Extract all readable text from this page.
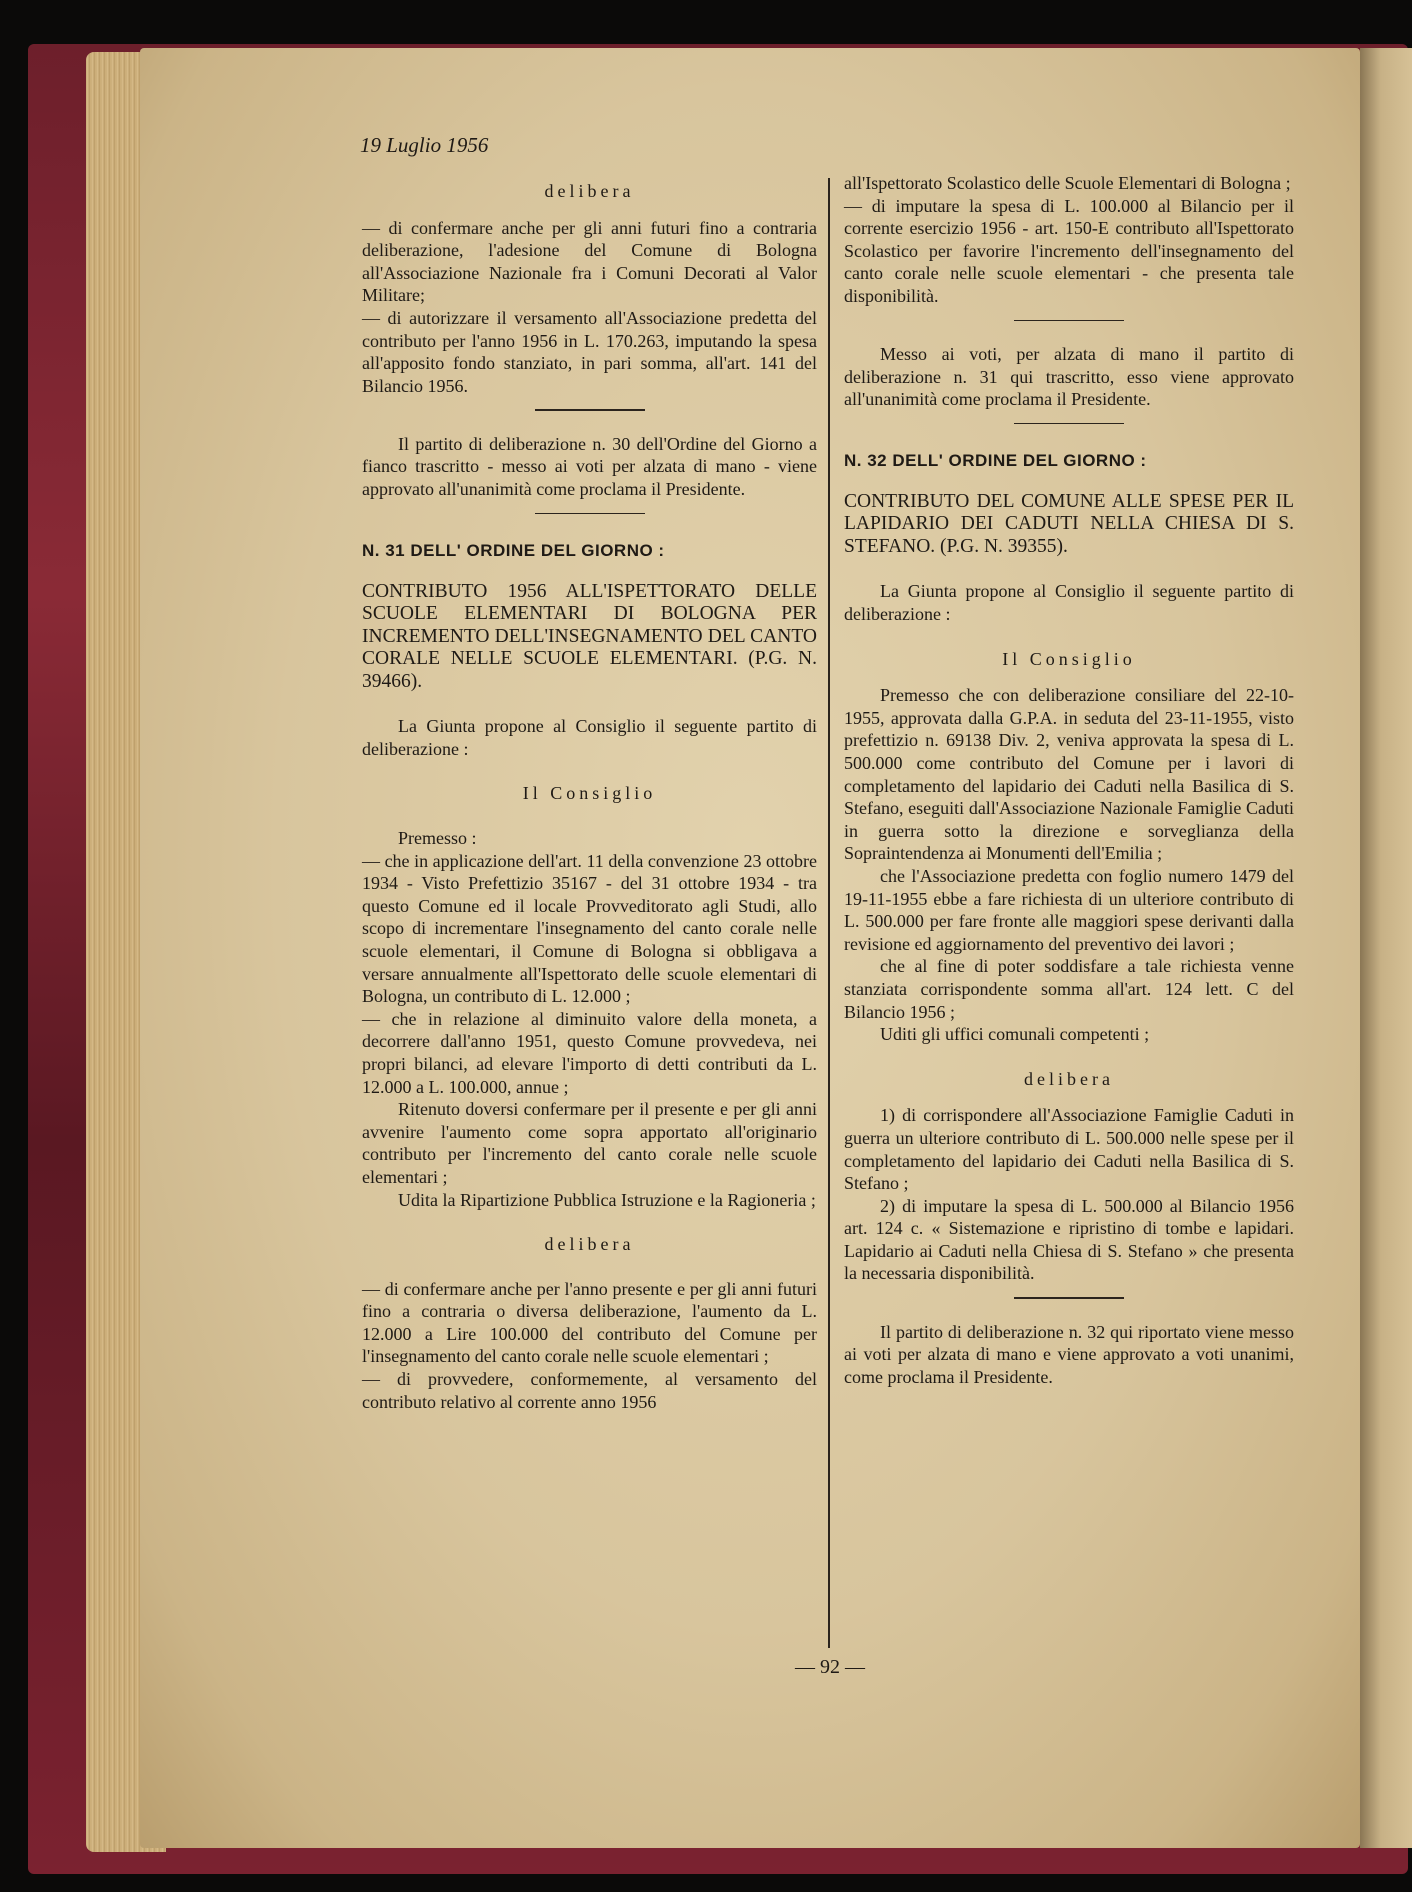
19 Luglio 1956

delibera

— di confermare anche per gli anni futuri fino a contraria deliberazione, l'adesione del Comune di Bologna all'Associazione Nazionale fra i Comuni Decorati al Valor Militare;

— di autorizzare il versamento all'Associazione predetta del contributo per l'anno 1956 in L. 170.263, imputando la spesa all'apposito fondo stanziato, in pari somma, all'art. 141 del Bilancio 1956.

Il partito di deliberazione n. 30 dell'Ordine del Giorno a fianco trascritto - messo ai voti per alzata di mano - viene approvato all'unanimità come proclama il Presidente.

N. 31 DELL' ORDINE DEL GIORNO :

CONTRIBUTO 1956 ALL'ISPETTORATO DELLE SCUOLE ELEMENTARI DI BOLOGNA PER INCREMENTO DELL'INSEGNAMENTO DEL CANTO CORALE NELLE SCUOLE ELEMENTARI. (P.G. N. 39466).

La Giunta propone al Consiglio il seguente partito di deliberazione :

Il Consiglio

Premesso :

— che in applicazione dell'art. 11 della convenzione 23 ottobre 1934 - Visto Prefettizio 35167 - del 31 ottobre 1934 - tra questo Comune ed il locale Provveditorato agli Studi, allo scopo di incrementare l'insegnamento del canto corale nelle scuole elementari, il Comune di Bologna si obbligava a versare annualmente all'Ispettorato delle scuole elementari di Bologna, un contributo di L. 12.000 ;

— che in relazione al diminuito valore della moneta, a decorrere dall'anno 1951, questo Comune provvedeva, nei propri bilanci, ad elevare l'importo di detti contributi da L. 12.000 a L. 100.000, annue ;

Ritenuto doversi confermare per il presente e per gli anni avvenire l'aumento come sopra apportato all'originario contributo per l'incremento del canto corale nelle scuole elementari ;

Udita la Ripartizione Pubblica Istruzione e la Ragioneria ;

delibera

— di confermare anche per l'anno presente e per gli anni futuri fino a contraria o diversa deliberazione, l'aumento da L. 12.000 a Lire 100.000 del contributo del Comune per l'insegnamento del canto corale nelle scuole elementari ;

— di provvedere, conformemente, al versamento del contributo relativo al corrente anno 1956

all'Ispettorato Scolastico delle Scuole Elementari di Bologna ;

— di imputare la spesa di L. 100.000 al Bilancio per il corrente esercizio 1956 - art. 150-E contributo all'Ispettorato Scolastico per favorire l'incremento dell'insegnamento del canto corale nelle scuole elementari - che presenta tale disponibilità.

Messo ai voti, per alzata di mano il partito di deliberazione n. 31 qui trascritto, esso viene approvato all'unanimità come proclama il Presidente.

N. 32 DELL' ORDINE DEL GIORNO :

CONTRIBUTO DEL COMUNE ALLE SPESE PER IL LAPIDARIO DEI CADUTI NELLA CHIESA DI S. STEFANO. (P.G. N. 39355).

La Giunta propone al Consiglio il seguente partito di deliberazione :

Il Consiglio

Premesso che con deliberazione consiliare del 22-10-1955, approvata dalla G.P.A. in seduta del 23-11-1955, visto prefettizio n. 69138 Div. 2, veniva approvata la spesa di L. 500.000 come contributo del Comune per i lavori di completamento del lapidario dei Caduti nella Basilica di S. Stefano, eseguiti dall'Associazione Nazionale Famiglie Caduti in guerra sotto la direzione e sorveglianza della Sopraintendenza ai Monumenti dell'Emilia ;

che l'Associazione predetta con foglio numero 1479 del 19-11-1955 ebbe a fare richiesta di un ulteriore contributo di L. 500.000 per fare fronte alle maggiori spese derivanti dalla revisione ed aggiornamento del preventivo dei lavori ;

che al fine di poter soddisfare a tale richiesta venne stanziata corrispondente somma all'art. 124 lett. C del Bilancio 1956 ;

Uditi gli uffici comunali competenti ;

delibera

1) di corrispondere all'Associazione Famiglie Caduti in guerra un ulteriore contributo di L. 500.000 nelle spese per il completamento del lapidario dei Caduti nella Basilica di S. Stefano ;

2) di imputare la spesa di L. 500.000 al Bilancio 1956 art. 124 c. « Sistemazione e ripristino di tombe e lapidari. Lapidario ai Caduti nella Chiesa di S. Stefano » che presenta la necessaria disponibilità.

Il partito di deliberazione n. 32 qui riportato viene messo ai voti per alzata di mano e viene approvato a voti unanimi, come proclama il Presidente.

— 92 —
